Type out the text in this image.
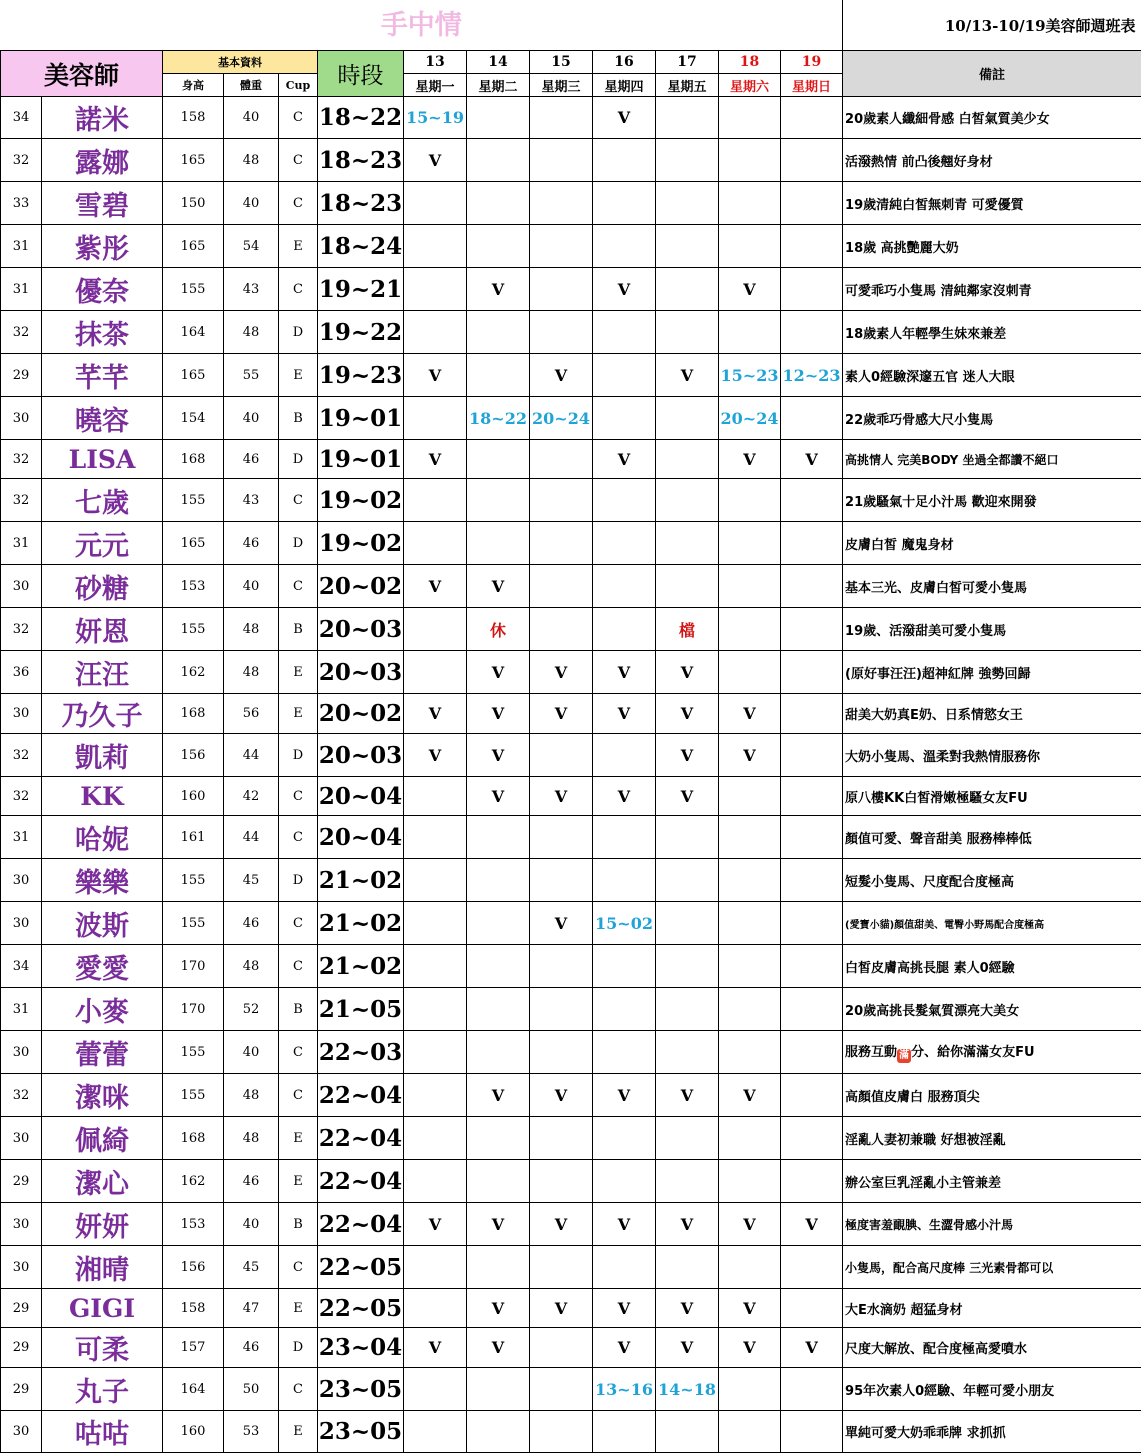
手中情													10/13-10/19美容師週班表
美容師		基本資料			時段	13	14	15	16	17	18	19	備註
		身高	體重	Cup		星期一	星期二	星期三	星期四	星期五	星期六	星期日	
34	諾米	158	40	C	18~22	15~19			V				20歲素人纖細骨感 白皙氣質美少女
32	露娜	165	48	C	18~23	V							活潑熱情 前凸後翹好身材
33	雪碧	150	40	C	18~23								19歲清純白皙無刺青 可愛優質
31	紫彤	165	54	E	18~24								18歲 高挑艷麗大奶
31	優奈	155	43	C	19~21		V		V		V		可愛乖巧小隻馬 清純鄰家沒刺青
32	抹茶	164	48	D	19~22								18歲素人年輕學生妹來兼差
29	芊芊	165	55	E	19~23	V		V		V	15~23	12~23	素人0經驗深邃五官 迷人大眼
30	曉容	154	40	B	19~01		18~22	20~24			20~24		22歲乖巧骨感大尺小隻馬
32	LISA	168	46	D	19~01	V			V		V	V	高挑情人 完美BODY 坐過全都讚不絕口
32	七歲	155	43	C	19~02								21歲騷氣十足小汁馬 歡迎來開發
31	元元	165	46	D	19~02								皮膚白皙 魔鬼身材
30	砂糖	153	40	C	20~02	V	V						基本三光、皮膚白皙可愛小隻馬
32	妍恩	155	48	B	20~03		休			檔			19歲、活潑甜美可愛小隻馬
36	汪汪	162	48	E	20~03		V	V	V	V			(原好事汪汪)超神紅牌 強勢回歸
30	乃久子	168	56	E	20~02	V	V	V	V	V	V		甜美大奶真E奶、日系情慾女王
32	凱莉	156	44	D	20~03	V	V			V	V		大奶小隻馬、溫柔對我熱情服務你
32	KK	160	42	C	20~04		V	V	V	V			原八樓KK白皙滑嫩極騷女友FU
31	哈妮	161	44	C	20~04								顏值可愛、聲音甜美 服務棒棒低
30	樂樂	155	45	D	21~02								短髮小隻馬、尺度配合度極高
30	波斯	155	46	C	21~02			V	15~02				(愛寶小貓)顏值甜美、電臀小野馬配合度極高
34	愛愛	170	48	C	21~02								白皙皮膚高挑長腿 素人0經驗
31	小麥	170	52	B	21~05								20歲高挑長髮氣質漂亮大美女
30	蕾蕾	155	40	C	22~03								服務互動 滿 分、給你滿滿女友FU
32	潔咪	155	48	C	22~04		V	V	V	V	V		高顏值皮膚白 服務頂尖
30	佩綺	168	48	E	22~04								淫亂人妻初兼職 好想被淫亂
29	潔心	162	46	E	22~04								辦公室巨乳淫亂小主管兼差
30	妍妍	153	40	B	22~04	V	V	V	V	V	V	V	極度害羞靦腆、生澀骨感小汁馬
30	湘晴	156	45	C	22~05								小隻馬，配合高尺度棒 三光素骨都可以
29	GIGI	158	47	E	22~05		V	V	V	V	V		大E水滴奶 超猛身材
29	可柔	157	46	D	23~04	V	V		V	V	V	V	尺度大解放、配合度極高愛噴水
29	丸子	164	50	C	23~05				13~16	14~18			95年次素人0經驗、年輕可愛小朋友
30	咕咕	160	53	E	23~05								單純可愛大奶乖乖牌 求抓抓
